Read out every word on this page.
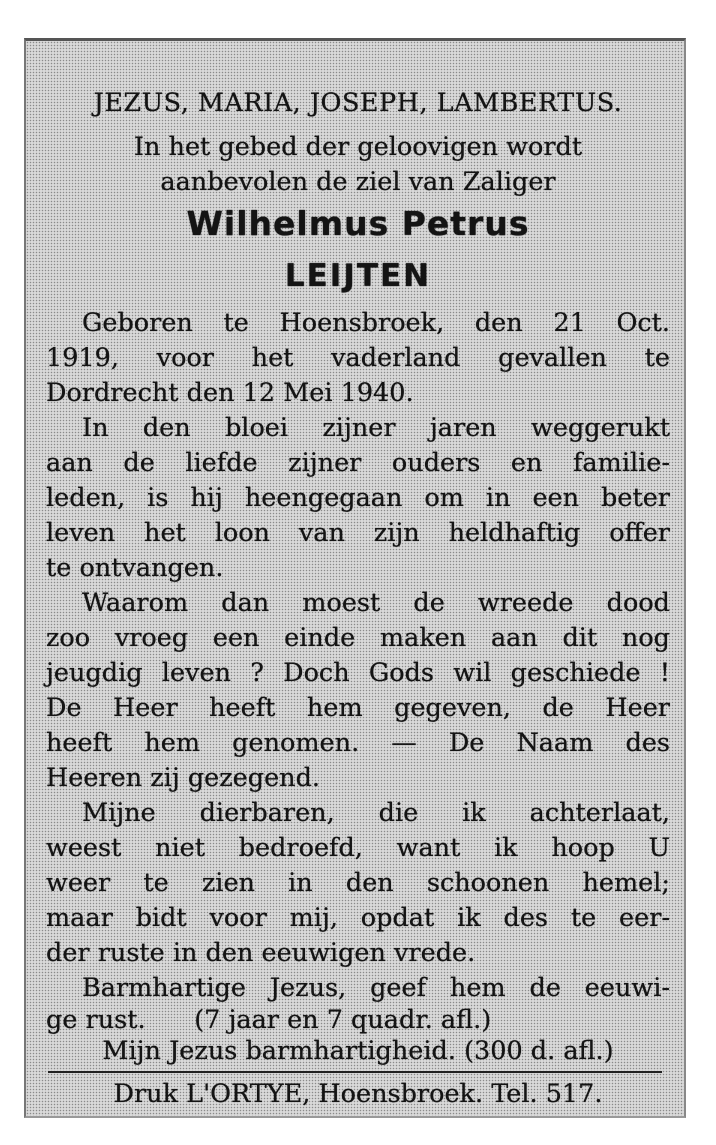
JEZUS, MARIA, JOSEPH, LAMBERTUS.
In het gebed der geloovigen wordt
aanbevolen de ziel van Zaliger
Wilhelmus Petrus
LEIJTEN
Geboren te Hoensbroek, den 21 Oct.
1919, voor het vaderland gevallen te
Dordrecht den 12 Mei 1940.
In den bloei zijner jaren weggerukt
aan de liefde zijner ouders en familie-
leden, is hij heengegaan om in een beter
leven het loon van zijn heldhaftig offer
te ontvangen.
Waarom dan moest de wreede dood
zoo vroeg een einde maken aan dit nog
jeugdig leven ? Doch Gods wil geschiede !
De Heer heeft hem gegeven, de Heer
heeft hem genomen. — De Naam des
Heeren zij gezegend.
Mijne dierbaren, die ik achterlaat,
weest niet bedroefd, want ik hoop U
weer te zien in den schoonen hemel;
maar bidt voor mij, opdat ik des te eer-
der ruste in den eeuwigen vrede.
Barmhartige Jezus, geef hem de eeuwi-
ge rust.      (7 jaar en 7 quadr. afl.)
Mijn Jezus barmhartigheid. (300 d. afl.)
Druk L'ORTYE, Hoensbroek. Tel. 517.
